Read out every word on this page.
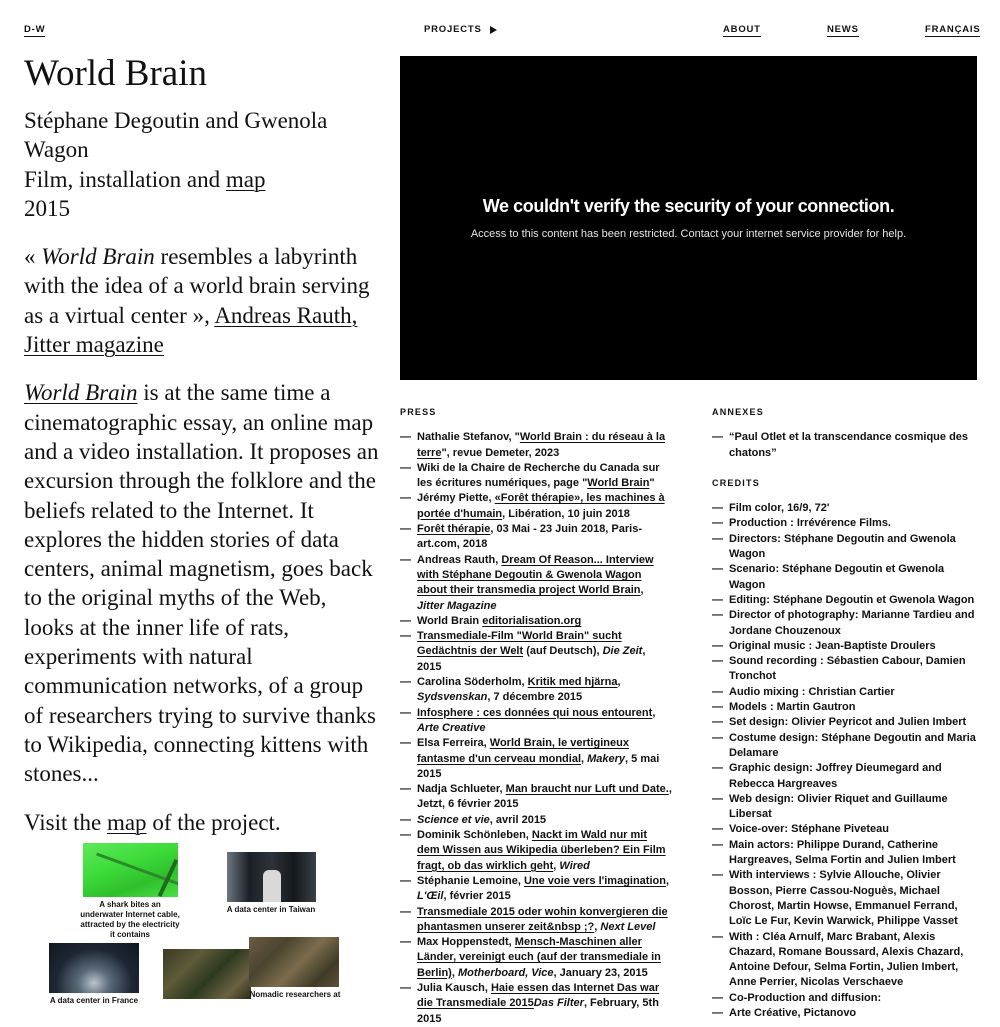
D-W	PROJECTS	ABOUT	NEWS	FRANÇAIS
World Brain
Stéphane Degoutin and Gwenola Wagon
Film, installation and map
2015
« World Brain resembles a labyrinth with the idea of a world brain serving as a virtual center », Andreas Rauth, Jitter magazine
World Brain is at the same time a cinematographic essay, an online map and a video installation. It proposes an excursion through the folklore and the beliefs related to the Internet. It explores the hidden stories of data centers, animal magnetism, goes back to the original myths of the Web, looks at the inner life of rats, experiments with natural communication networks, of a group of researchers trying to survive thanks to Wikipedia, connecting kittens with stones...
Visit the map of the project.
A shark bites an underwater Internet cable, attracted by the electricity it contains
A data center in Taiwan
A data center in France
Nomadic researchers at
We couldn't verify the security of your connection.
Access to this content has been restricted. Contact your internet service provider for help.
PRESS
— Nathalie Stefanov, "World Brain : du réseau à la terre", revue Demeter, 2023
— Wiki de la Chaire de Recherche du Canada sur les écritures numériques, page "World Brain"
— Jérémy Piette, «Forêt thérapie», les machines à portée d'humain, Libération, 10 juin 2018
— Forêt thérapie, 03 Mai - 23 Juin 2018, Paris-art.com, 2018
— Andreas Rauth, Dream Of Reason... Interview with Stéphane Degoutin & Gwenola Wagon about their transmedia project World Brain, Jitter Magazine
— World Brain editorialisation.org
— Transmediale-Film "World Brain" sucht Gedächtnis der Welt (auf Deutsch), Die Zeit, 2015
— Carolina Söderholm, Kritik med hjärna, Sydsvenskan, 7 décembre 2015
— Infosphere : ces données qui nous entourent, Arte Creative
— Elsa Ferreira, World Brain, le vertigineux fantasme d'un cerveau mondial, Makery, 5 mai 2015
— Nadja Schlueter, Man braucht nur Luft und Date., Jetzt, 6 février 2015
— Science et vie, avril 2015
— Dominik Schönleben, Nackt im Wald nur mit dem Wissen aus Wikipedia überleben? Ein Film fragt, ob das wirklich geht, Wired
— Stéphanie Lemoine, Une voie vers l'imagination, L'Œil, février 2015
— Transmediale 2015 oder wohin konvergieren die phantasmen unserer zeit&nbsp ;?, Next Level
— Max Hoppenstedt, Mensch-Maschinen aller Länder, vereinigt euch (auf der transmediale in Berlin), Motherboard, Vice, January 23, 2015
— Julia Kausch, Haie essen das Internet Das war die Transmediale 2015Das Filter, February, 5th 2015
ANNEXES
— “Paul Otlet et la transcendance cosmique des chatons”
CREDITS
— Film color, 16/9, 72'
— Production : Irrévérence Films.
— Directors: Stéphane Degoutin and Gwenola Wagon
— Scenario: Stéphane Degoutin et Gwenola Wagon
— Editing: Stéphane Degoutin et Gwenola Wagon
— Director of photography: Marianne Tardieu and Jordane Chouzenoux
— Original music : Jean-Baptiste Droulers
— Sound recording : Sébastien Cabour, Damien Tronchot
— Audio mixing : Christian Cartier
— Models : Martin Gautron
— Set design: Olivier Peyricot and Julien Imbert
— Costume design: Stéphane Degoutin and Maria Delamare
— Graphic design: Joffrey Dieumegard and Rebecca Hargreaves
— Web design: Olivier Riquet and Guillaume Libersat
— Voice-over: Stéphane Piveteau
— Main actors: Philippe Durand, Catherine Hargreaves, Selma Fortin and Julien Imbert
— With interviews : Sylvie Allouche, Olivier Bosson, Pierre Cassou-Noguès, Michael Chorost, Martin Howse, Emmanuel Ferrand, Loïc Le Fur, Kevin Warwick, Philippe Vasset
— With : Cléa Arnulf, Marc Brabant, Alexis Chazard, Romane Boussard, Alexis Chazard, Antoine Defour, Selma Fortin, Julien Imbert, Anne Perrier, Nicolas Verschaeve
— Co-Production and diffusion:
— Arte Créative, Pictanovo
